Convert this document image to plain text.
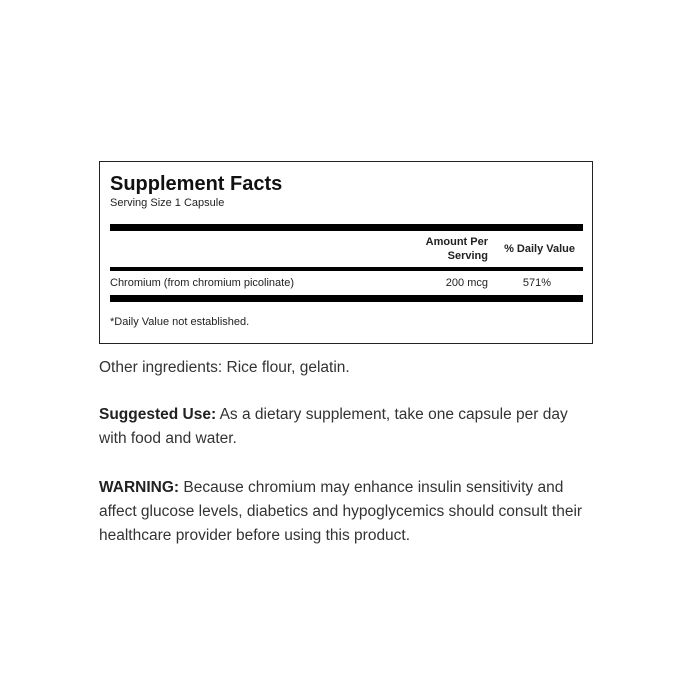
Supplement Facts
Serving Size 1 Capsule
Amount Per
Serving
% Daily Value
Chromium (from chromium picolinate)	200 mcg	571%
*Daily Value not established.

Other ingredients: Rice flour, gelatin.

Suggested Use: As a dietary supplement, take one capsule per day with food and water.

WARNING: Because chromium may enhance insulin sensitivity and affect glucose levels, diabetics and hypoglycemics should consult their healthcare provider before using this product.
